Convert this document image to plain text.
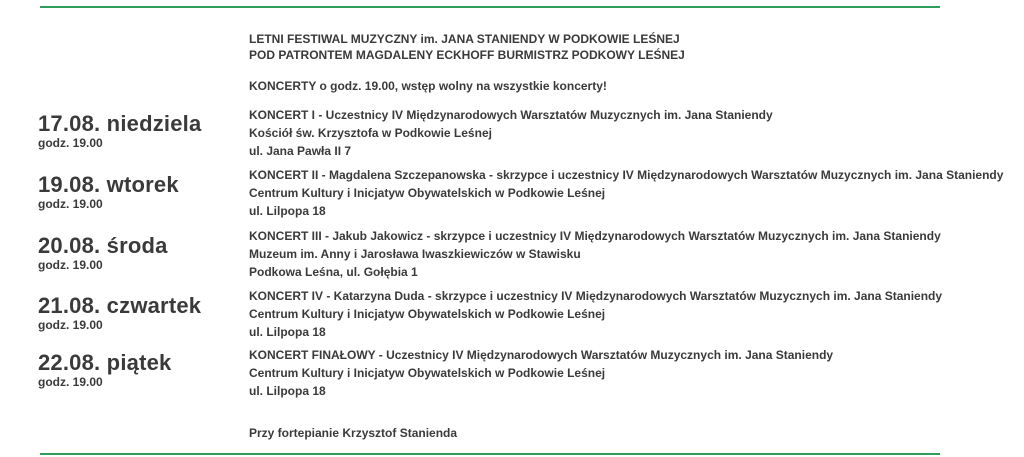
LETNI FESTIWAL MUZYCZNY im. JANA STANIENDY W PODKOWIE LEŚNEJ
POD PATRONTEM MAGDALENY ECKHOFF BURMISTRZ PODKOWY LEŚNEJ
KONCERTY o godz. 19.00, wstęp wolny na wszystkie koncerty!
17.08. niedziela
godz. 19.00
KONCERT I - Uczestnicy IV Międzynarodowych Warsztatów Muzycznych im. Jana Staniendy
Kościół św. Krzysztofa w Podkowie Leśnej
ul. Jana Pawła II 7
19.08. wtorek
godz. 19.00
KONCERT II - Magdalena Szczepanowska - skrzypce i uczestnicy IV Międzynarodowych Warsztatów Muzycznych im. Jana Staniendy
Centrum Kultury i Inicjatyw Obywatelskich w Podkowie Leśnej
ul. Lilpopa 18
20.08. środa
godz. 19.00
KONCERT III - Jakub Jakowicz - skrzypce i uczestnicy IV Międzynarodowych Warsztatów Muzycznych im. Jana Staniendy
Muzeum im. Anny i Jarosława Iwaszkiewiczów w Stawisku
Podkowa Leśna, ul. Gołębia 1
21.08. czwartek
godz. 19.00
KONCERT IV - Katarzyna Duda - skrzypce i uczestnicy IV Międzynarodowych Warsztatów Muzycznych im. Jana Staniendy
Centrum Kultury i Inicjatyw Obywatelskich w Podkowie Leśnej
ul. Lilpopa 18
22.08. piątek
godz. 19.00
KONCERT FINAŁOWY - Uczestnicy IV Międzynarodowych Warsztatów Muzycznych im. Jana Staniendy
Centrum Kultury i Inicjatyw Obywatelskich w Podkowie Leśnej
ul. Lilpopa 18
Przy fortepianie Krzysztof Stanienda
